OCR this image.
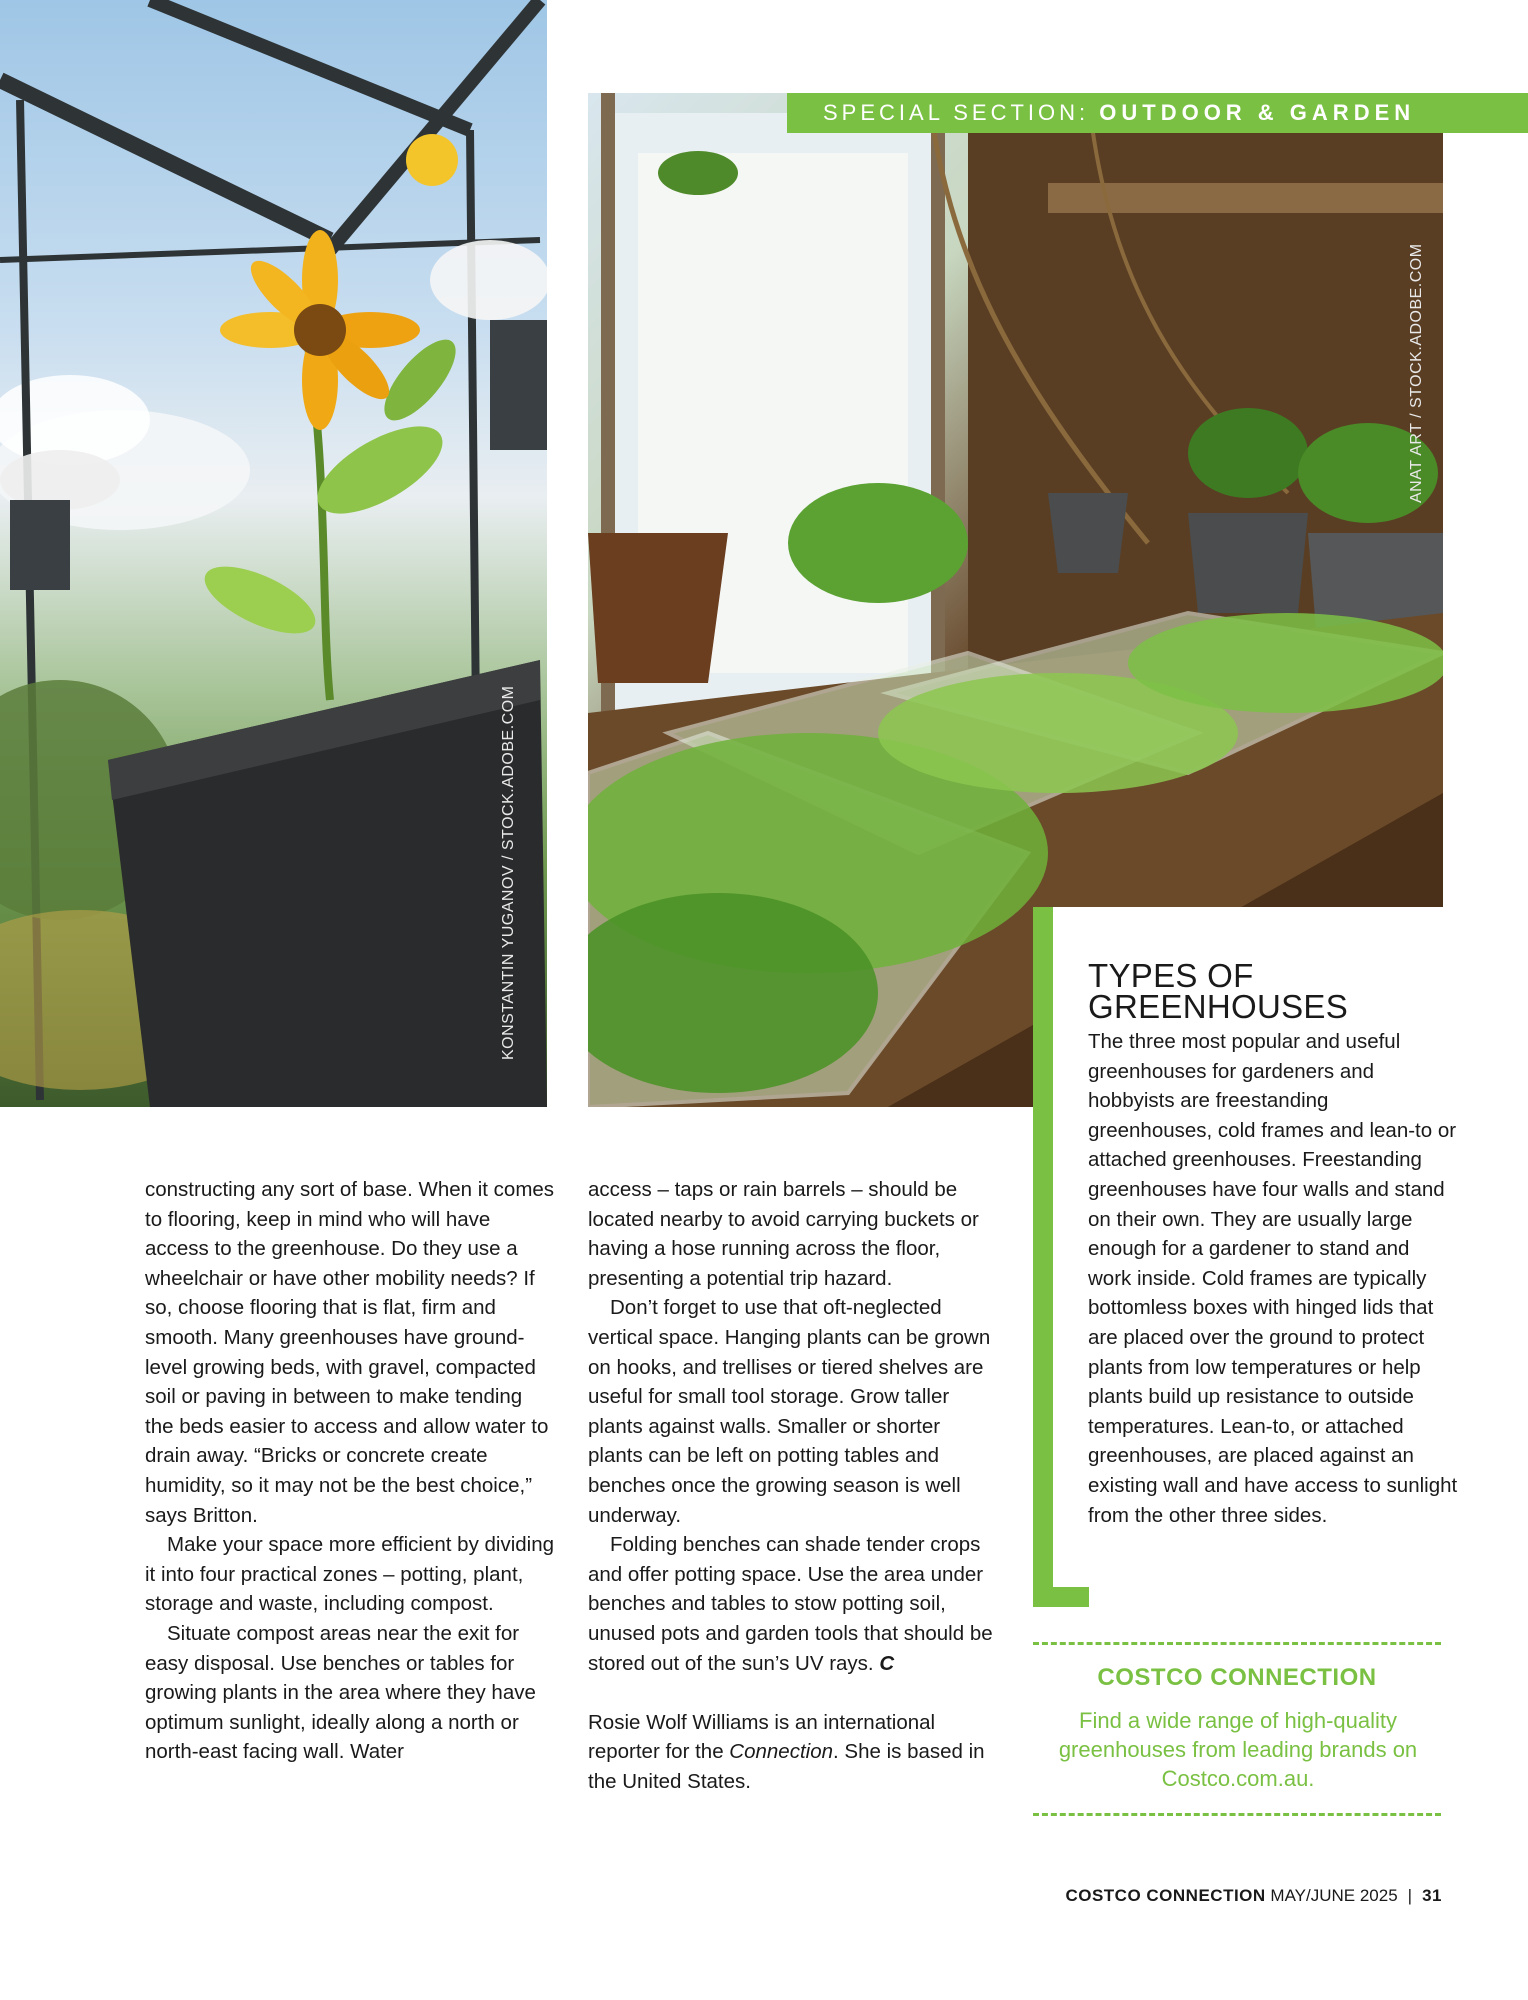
KONSTANTIN YUGANOV / STOCK.ADOBE.COM
ANAT ART / STOCK.ADOBE.COM
SPECIAL SECTION: OUTDOOR & GARDEN
TYPES OF
GREENHOUSES
The three most popular and useful greenhouses for gardeners and hobbyists are freestanding greenhouses, cold frames and lean-to or attached greenhouses. Freestanding greenhouses have four walls and stand on their own. They are usually large enough for a gardener to stand and work inside. Cold frames are typically bottomless boxes with hinged lids that are placed over the ground to protect plants from low temperatures or help plants build up resistance to outside temperatures. Lean-to, or attached greenhouses, are placed against an existing wall and have access to sunlight from the other three sides.

constructing any sort of base. When it comes to flooring, keep in mind who will have access to the greenhouse. Do they use a wheelchair or have other mobility needs? If so, choose flooring that is flat, firm and smooth. Many greenhouses have ground-level growing beds, with gravel, compacted soil or paving in between to make tending the beds easier to access and allow water to drain away. “Bricks or concrete create humidity, so it may not be the best choice,” says Britton.

Make your space more efficient by dividing it into four practical zones – potting, plant, storage and waste, including compost.

Situate compost areas near the exit for easy disposal. Use benches or tables for growing plants in the area where they have optimum sunlight, ideally along a north or north-east facing wall. Water

access – taps or rain barrels – should be located nearby to avoid carrying buckets or having a hose running across the floor, presenting a potential trip hazard.

Don’t forget to use that oft-neglected vertical space. Hanging plants can be grown on hooks, and trellises or tiered shelves are useful for small tool storage. Grow taller plants against walls. Smaller or shorter plants can be left on potting tables and benches once the growing season is well underway.

Folding benches can shade tender crops and offer potting space. Use the area under benches and tables to stow potting soil, unused pots and garden tools that should be stored out of the sun’s UV rays. C

Rosie Wolf Williams is an international reporter for the Connection. She is based in the United States.

COSTCO CONNECTION
Find a wide range of high-quality greenhouses from leading brands on Costco.com.au.
COSTCO CONNECTION MAY/JUNE 2025 | 31
